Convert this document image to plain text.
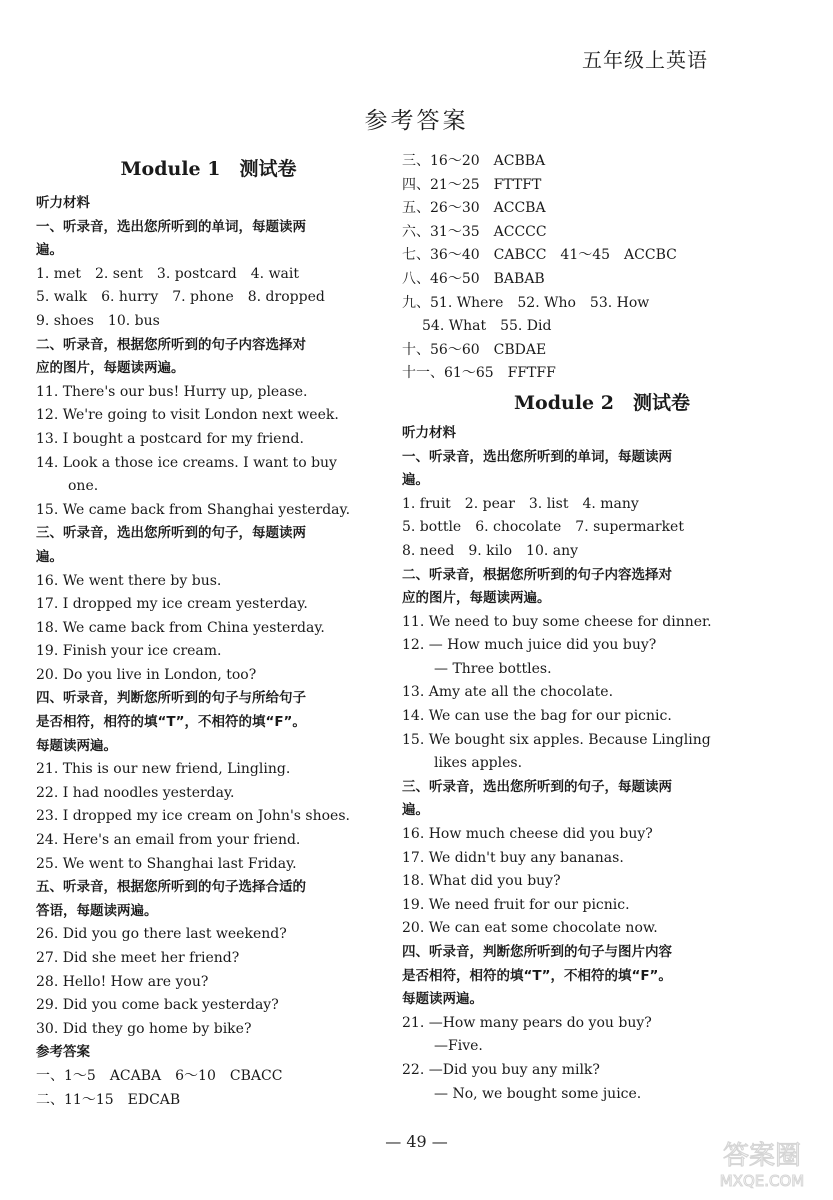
五年级上英语
参考答案
Module 1　测试卷
听力材料
一、听录音，选出您所听到的单词，每题读两
遍。
1. met　2. sent　3. postcard　4. wait
5. walk　6. hurry　7. phone　8. dropped
9. shoes　10. bus
二、听录音，根据您所听到的句子内容选择对
应的图片，每题读两遍。
11. There's our bus! Hurry up, please.
12. We're going to visit London next week.
13. I bought a postcard for my friend.
14. Look a those ice creams. I want to buy
one.
15. We came back from Shanghai yesterday.
三、听录音，选出您所听到的句子，每题读两
遍。
16. We went there by bus.
17. I dropped my ice cream yesterday.
18. We came back from China yesterday.
19. Finish your ice cream.
20. Do you live in London, too?
四、听录音，判断您所听到的句子与所给句子
是否相符，相符的填“T”，不相符的填“F”。
每题读两遍。
21. This is our new friend, Lingling.
22. I had noodles yesterday.
23. I dropped my ice cream on John's shoes.
24. Here's an email from your friend.
25. We went to Shanghai last Friday.
五、听录音，根据您所听到的句子选择合适的
答语，每题读两遍。
26. Did you go there last weekend?
27. Did she meet her friend?
28. Hello! How are you?
29. Did you come back yesterday?
30. Did they go home by bike?
参考答案
一、1～5　ACABA　6～10　CBACC
二、11～15　EDCAB
三、16～20　ACBBA
四、21～25　FTTFT
五、26～30　ACCBA
六、31～35　ACCCC
七、36～40　CABCC　41～45　ACCBC
八、46～50　BABAB
九、51. Where　52. Who　53. How
54. What　55. Did
十、56～60　CBDAE
十一、61～65　FFTFF
Module 2　测试卷
听力材料
一、听录音，选出您所听到的单词，每题读两
遍。
1. fruit　2. pear　3. list　4. many
5. bottle　6. chocolate　7. supermarket
8. need　9. kilo　10. any
二、听录音，根据您所听到的句子内容选择对
应的图片，每题读两遍。
11. We need to buy some cheese for dinner.
12. — How much juice did you buy?
— Three bottles.
13. Amy ate all the chocolate.
14. We can use the bag for our picnic.
15. We bought six apples. Because Lingling
likes apples.
三、听录音，选出您所听到的句子，每题读两
遍。
16. How much cheese did you buy?
17. We didn't buy any bananas.
18. What did you buy?
19. We need fruit for our picnic.
20. We can eat some chocolate now.
四、听录音，判断您所听到的句子与图片内容
是否相符，相符的填“T”，不相符的填“F”。
每题读两遍。
21. —How many pears do you buy?
—Five.
22. —Did you buy any milk?
— No, we bought some juice.
— 49 —	答案圈
MXQE.COM
